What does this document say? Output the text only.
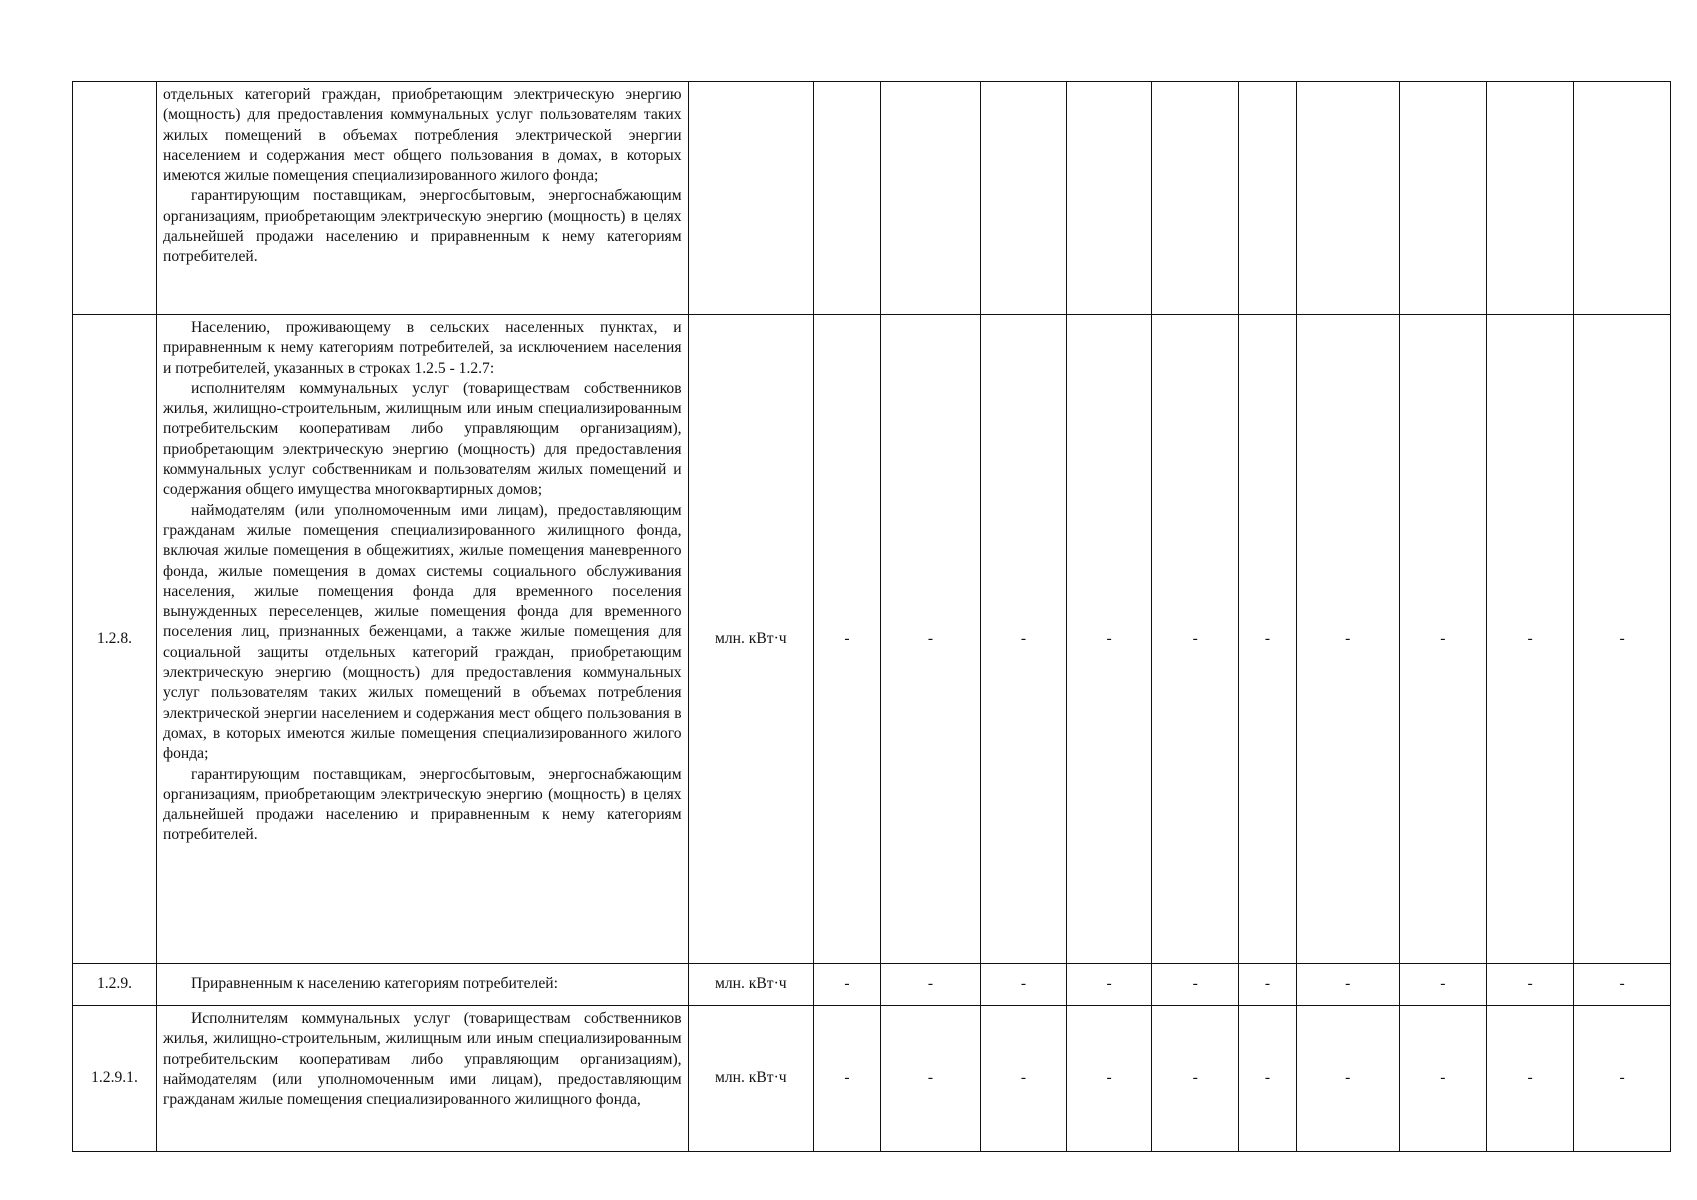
	отдельных категорий граждан, приобретающим электрическую энергию (мощность) для предоставления коммунальных услуг пользователям таких жилых помещений в объемах потребления электрической энергии населением и содержания мест общего пользования в домах, в которых имеются жилые помещения специализированного жилого фонда;
гарантирующим поставщикам, энергосбытовым, энергоснабжающим организациям, приобретающим электрическую энергию (мощность) в целях дальнейшей продажи населению и приравненным к нему категориям потребителей.											

1.2.8.	Населению, проживающему в сельских населенных пунктах, и приравненным к нему категориям потребителей, за исключением населения и потребителей, указанных в строках 1.2.5 - 1.2.7:
исполнителям коммунальных услуг (товариществам собственников жилья, жилищно-строительным, жилищным или иным специализированным потребительским кооперативам либо управляющим организациям), приобретающим электрическую энергию (мощность) для предоставления коммунальных услуг собственникам и пользователям жилых помещений и содержания общего имущества многоквартирных домов;
наймодателям (или уполномоченным ими лицам), предоставляющим гражданам жилые помещения специализированного жилищного фонда, включая жилые помещения в общежитиях, жилые помещения маневренного фонда, жилые помещения в домах системы социального обслуживания населения, жилые помещения фонда для временного поселения вынужденных переселенцев, жилые помещения фонда для временного поселения лиц, признанных беженцами, а также жилые помещения для социальной защиты отдельных категорий граждан, приобретающим электрическую энергию (мощность) для предоставления коммунальных услуг пользователям таких жилых помещений в объемах потребления электрической энергии населением и содержания мест общего пользования в домах, в которых имеются жилые помещения специализированного жилого фонда;
гарантирующим поставщикам, энергосбытовым, энергоснабжающим организациям, приобретающим электрическую энергию (мощность) в целях дальнейшей продажи населению и приравненным к нему категориям потребителей.	млн. кВт·ч	-	-	-	-	-	-	-	-	-	-
1.2.9.	Приравненным к населению категориям потребителей:	млн. кВт·ч	-	-	-	-	-	-	-	-	-	-
1.2.9.1.	Исполнителям коммунальных услуг (товариществам собственников жилья, жилищно-строительным, жилищным или иным специализированным потребительским кооперативам либо управляющим организациям), наймодателям (или уполномоченным ими лицам), предоставляющим гражданам жилые помещения специализированного жилищного фонда,	млн. кВт·ч	-	-	-	-	-	-	-	-	-	-
